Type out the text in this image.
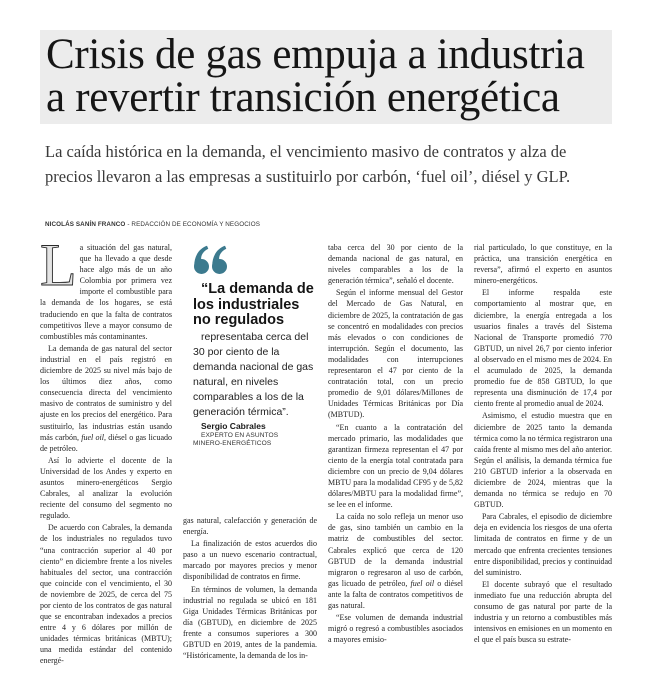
Crisis de gas empuja a industria a revertir transición energética

La caída histórica en la demanda, el vencimiento masivo de contratos y alza de precios llevaron a las empresas a sustituirlo por carbón, ‘fuel oil’, diésel y GLP.

NICOLÁS SANÍN FRANCO - REDACCIÓN DE ECONOMÍA Y NEGOCIOS
L a situación del gas natural, que ha llevado a que desde hace algo más de un año Colombia por primera vez importe el combustible para la demanda de los hogares, se está traduciendo en que la falta de contratos competitivos lleve a mayor consumo de combustibles más contaminantes.

La demanda de gas natural del sector industrial en el país registró en diciembre de 2025 su nivel más bajo de los últimos diez años, como consecuencia directa del vencimiento masivo de contratos de suministro y del ajuste en los precios del energético. Para sustituirlo, las industrias están usando más carbón, fuel oil, diésel o gas licuado de petróleo.

Así lo advierte el docente de la Universidad de los Andes y experto en asuntos minero-energéticos Sergio Cabrales, al analizar la evolución reciente del consumo del segmento no regulado.

De acuerdo con Cabrales, la demanda de los industriales no regulados tuvo “una contracción superior al 40 por ciento” en diciembre frente a los niveles habituales del sector, una contracción que coincide con el vencimiento, el 30 de noviembre de 2025, de cerca del 75 por ciento de los contratos de gas natural que se encontraban indexados a precios entre 4 y 6 dólares por millón de unidades térmicas británicas (MBTU); una medida estándar del contenido energé-

“La demanda de los industriales no regulados

representaba cerca del 30 por ciento de la demanda nacional de gas natural, en niveles comparables a los de la generación térmica”.

Sergio Cabrales

EXPERTO EN ASUNTOS MINERO-ENERGÉTICOS

gas natural, calefacción y generación de energía.

La finalización de estos acuerdos dio paso a un nuevo escenario contractual, marcado por mayores precios y menor disponibilidad de contratos en firme.

En términos de volumen, la demanda industrial no regulada se ubicó en 181 Giga Unidades Térmicas Británicas por día (GBTUD), en diciembre de 2025 frente a consumos superiores a 300 GBTUD en 2019, antes de la pandemia. “Históricamente, la demanda de los in-

taba cerca del 30 por ciento de la demanda nacional de gas natural, en niveles comparables a los de la generación térmica”, señaló el docente.

Según el informe mensual del Gestor del Mercado de Gas Natural, en diciembre de 2025, la contratación de gas se concentró en modalidades con precios más elevados o con condiciones de interrupción. Según el documento, las modalidades con interrupciones representaron el 47 por ciento de la contratación total, con un precio promedio de 9,01 dólares/Millones de Unidades Térmicas Británicas por Día (MBTUD).

“En cuanto a la contratación del mercado primario, las modalidades que garantizan firmeza representan el 47 por ciento de la energía total contratada para diciembre con un precio de 9,04 dólares MBTU para la modalidad CF95 y de 5,82 dólares/MBTU para la modalidad firme”, se lee en el informe.

La caída no solo refleja un menor uso de gas, sino también un cambio en la matriz de combustibles del sector. Cabrales explicó que cerca de 120 GBTUD de la demanda industrial migraron o regresaron al uso de carbón, gas licuado de petróleo, fuel oil o diésel ante la falta de contratos competitivos de gas natural.

“Ese volumen de demanda industrial migró o regresó a combustibles asociados a mayores emisio-

rial particulado, lo que constituye, en la práctica, una transición energética en reversa”, afirmó el experto en asuntos minero-energéticos.

El informe respalda este comportamiento al mostrar que, en diciembre, la energía entregada a los usuarios finales a través del Sistema Nacional de Transporte promedió 770 GBTUD, un nivel 26,7 por ciento inferior al observado en el mismo mes de 2024. En el acumulado de 2025, la demanda promedio fue de 858 GBTUD, lo que representa una disminución de 17,4 por ciento frente al promedio anual de 2024.

Asimismo, el estudio muestra que en diciembre de 2025 tanto la demanda térmica como la no térmica registraron una caída frente al mismo mes del año anterior. Según el análisis, la demanda térmica fue 210 GBTUD inferior a la observada en diciembre de 2024, mientras que la demanda no térmica se redujo en 70 GBTUD.

Para Cabrales, el episodio de diciembre deja en evidencia los riesgos de una oferta limitada de contratos en firme y de un mercado que enfrenta crecientes tensiones entre disponibilidad, precios y continuidad del suministro.

El docente subrayó que el resultado inmediato fue una reducción abrupta del consumo de gas natural por parte de la industria y un retorno a combustibles más intensivos en emisiones en un momento en el que el país busca su estrate-
